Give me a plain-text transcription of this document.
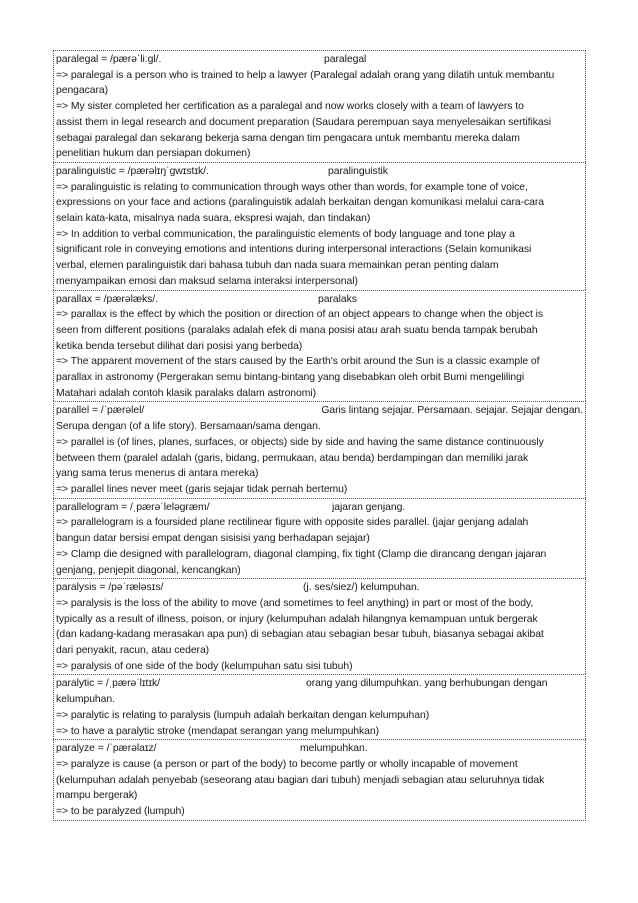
paralegal = /pærəˈliːɡl/.	paralegal
=> paralegal is a person who is trained to help a lawyer (Paralegal adalah orang yang dilatih untuk membantu
pengacara)
=> My sister completed her certification as a paralegal and now works closely with a team of lawyers to
assist them in legal research and document preparation (Saudara perempuan saya menyelesaikan sertifikasi
sebagai paralegal dan sekarang bekerja sama dengan tim pengacara untuk membantu mereka dalam
penelitian hukum dan persiapan dokumen)
paralinguistic = /pærəlɪŋˈɡwɪstɪk/.	paralinguistik
=> paralinguistic is relating to communication through ways other than words, for example tone of voice,
expressions on your face and actions (paralinguistik adalah berkaitan dengan komunikasi melalui cara-cara
selain kata-kata, misalnya nada suara, ekspresi wajah, dan tindakan)
=> In addition to verbal communication, the paralinguistic elements of body language and tone play a
significant role in conveying emotions and intentions during interpersonal interactions (Selain komunikasi
verbal, elemen paralinguistik dari bahasa tubuh dan nada suara memainkan peran penting dalam
menyampaikan emosi dan maksud selama interaksi interpersonal)
parallax = /pærəlæks/.	paralaks
=> parallax is the effect by which the position or direction of an object appears to change when the object is
seen from different positions (paralaks adalah efek di mana posisi atau arah suatu benda tampak berubah
ketika benda tersebut dilihat dari posisi yang berbeda)
=> The apparent movement of the stars caused by the Earth's orbit around the Sun is a classic example of
parallax in astronomy (Pergerakan semu bintang-bintang yang disebabkan oleh orbit Bumi mengelilingi
Matahari adalah contoh klasik paralaks dalam astronomi)
parallel = /ˈpærəlel/	Garis lintang sejajar. Persamaan. sejajar. Sejajar dengan.
Serupa dengan (of a life story). Bersamaan/sama dengan.
=> parallel is (of lines, planes, surfaces, or objects) side by side and having the same distance continuously
between them (paralel adalah (garis, bidang, permukaan, atau benda) berdampingan dan memiliki jarak
yang sama terus menerus di antara mereka)
=> parallel lines never meet (garis sejajar tidak pernah bertemu)
parallelogram = /ˌpærəˈleləɡræm/	jajaran genjang.
=> parallelogram is a foursided plane rectilinear figure with opposite sides parallel. (jajar genjang adalah
bangun datar bersisi empat dengan sisisisi yang berhadapan sejajar)
=> Clamp die designed with parallelogram, diagonal clamping, fix tight (Clamp die dirancang dengan jajaran
genjang, penjepit diagonal, kencangkan)
paralysis = /pəˈræləsɪs/	(j. ses/siez/) kelumpuhan.
=> paralysis is the loss of the ability to move (and sometimes to feel anything) in part or most of the body,
typically as a result of illness, poison, or injury (kelumpuhan adalah hilangnya kemampuan untuk bergerak
(dan kadang-kadang merasakan apa pun) di sebagian atau sebagian besar tubuh, biasanya sebagai akibat
dari penyakit, racun, atau cedera)
=> paralysis of one side of the body (kelumpuhan satu sisi tubuh)
paralytic = /ˌpærəˈlɪtɪk/	orang yang dilumpuhkan. yang berhubungan dengan
kelumpuhan.
=> paralytic is relating to paralysis (lumpuh adalah berkaitan dengan kelumpuhan)
=> to have a paralytic stroke (mendapat serangan yang melumpuhkan)
paralyze = /ˈpærəlaɪz/	melumpuhkan.
=> paralyze is cause (a person or part of the body) to become partly or wholly incapable of movement
(kelumpuhan adalah penyebab (seseorang atau bagian dari tubuh) menjadi sebagian atau seluruhnya tidak
mampu bergerak)
=> to be paralyzed (lumpuh)
